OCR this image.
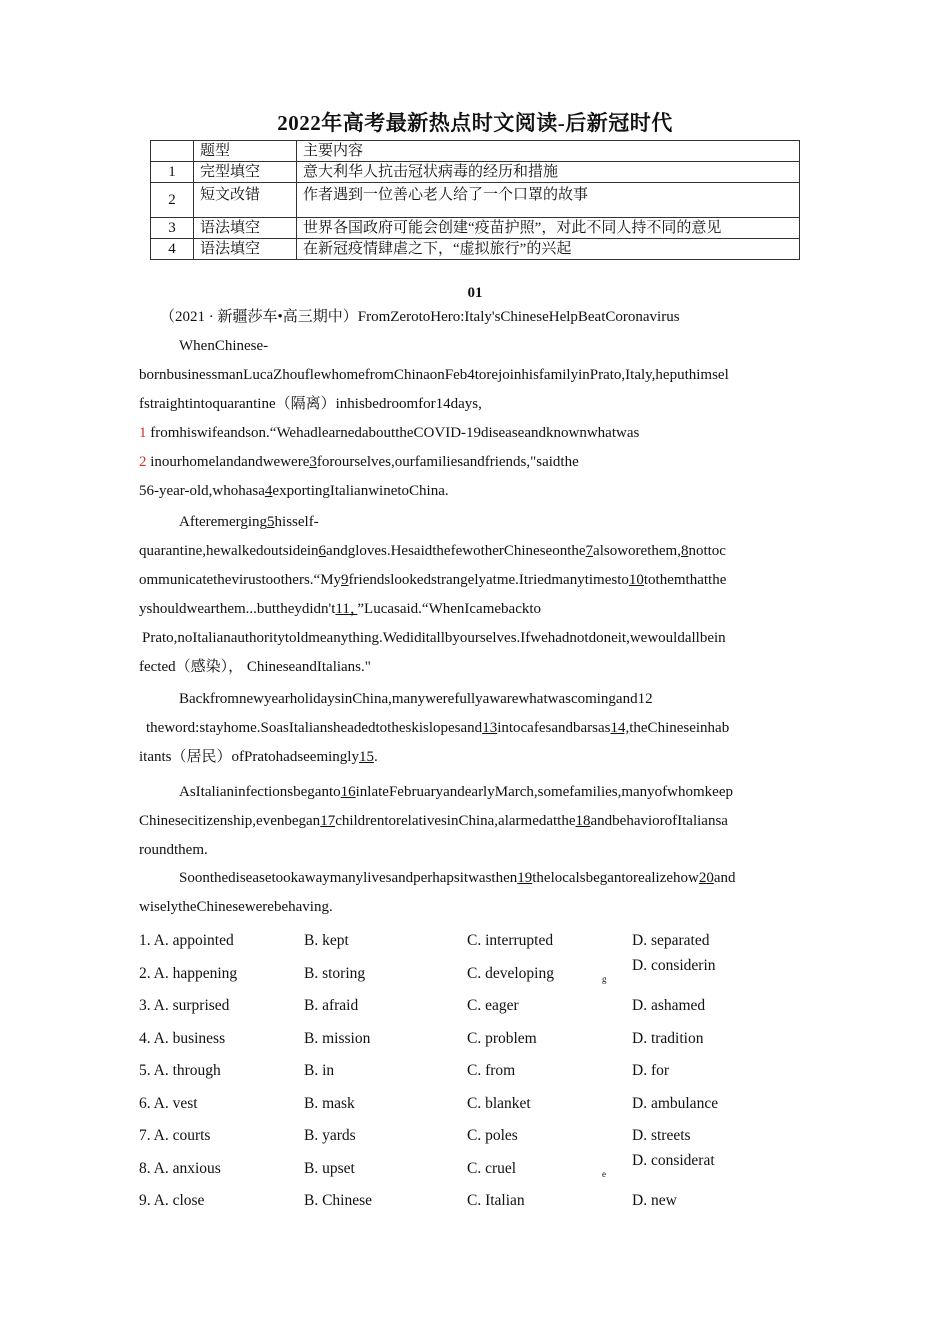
2022年高考最新热点时文阅读-后新冠时代
	题型	主要内容
1	完型填空	意大利华人抗击冠状病毒的经历和措施
2	短文改错	作者遇到一位善心老人给了一个口罩的故事
3	语法填空	世界各国政府可能会创建“疫苗护照”，对此不同人持不同的意见
4	语法填空	在新冠疫情肆虐之下，“虚拟旅行”的兴起
01
（2021 · 新疆莎车•高三期中）FromZerotoHero:Italy'sChineseHelpBeatCoronavirus
WhenChinese-
bornbusinessmanLucaZhouflewhomefromChinaonFeb4torejoinhisfamilyinPrato,Italy,heputhimsel
fstraightintoquarantine（隔离）inhisbedroomfor14days,
1 fromhiswifeandson.“WehadlearnedabouttheCOVID-19diseaseandknownwhatwas
2 inourhomelandandwewere3forourselves,ourfamiliesandfriends,"saidthe
56-year-old,whohasa4exportingItalianwinetoChina.
Afteremerging5hisself-
quarantine,hewalkedoutsidein6andgloves.HesaidthefewotherChineseonthe7alsoworethem,8nottoc
ommunicatethevirustoothers.“My9friendslookedstrangelyatme.Itriedmanytimesto10tothemthatthe
yshouldwearthem...buttheydidn't11，”Lucasaid.“WhenIcamebackto
Prato,noItalianauthoritytoldmeanything.Wediditallbyourselves.Ifwehadnotdoneit,wewouldallbein
fected（感染）， ChineseandItalians."
BackfromnewyearholidaysinChina,manywerefullyawarewhatwascomingand12
theword:stayhome.SoasItaliansheadedtotheskislopesand13intocafesandbarsas14,theChineseinhab
itants（居民）ofPratohadseemingly15.
AsItalianinfectionsbeganto16inlateFebruaryandearlyMarch,somefamilies,manyofwhomkeep
Chinesecitizenship,evenbegan17childrentorelativesinChina,alarmedatthe18andbehaviorofItaliansa
roundthem.
Soonthediseasetookawaymanylivesandperhapsitwasthen19thelocalsbegantorealizehow20and
wiselytheChinesewerebehaving.
1. A. appointed	B. kept	C. interrupted	D. separated
2. A. happening	B. storing	C. developing	D. considerin
g
3. A. surprised	B. afraid	C. eager	D. ashamed
4. A. business	B. mission	C. problem	D. tradition
5. A. through	B. in	C. from	D. for
6. A. vest	B. mask	C. blanket	D. ambulance
7. A. courts	B. yards	C. poles	D. streets
8. A. anxious	B. upset	C. cruel	D. considerat
e
9. A. close	B. Chinese	C. Italian	D. new
